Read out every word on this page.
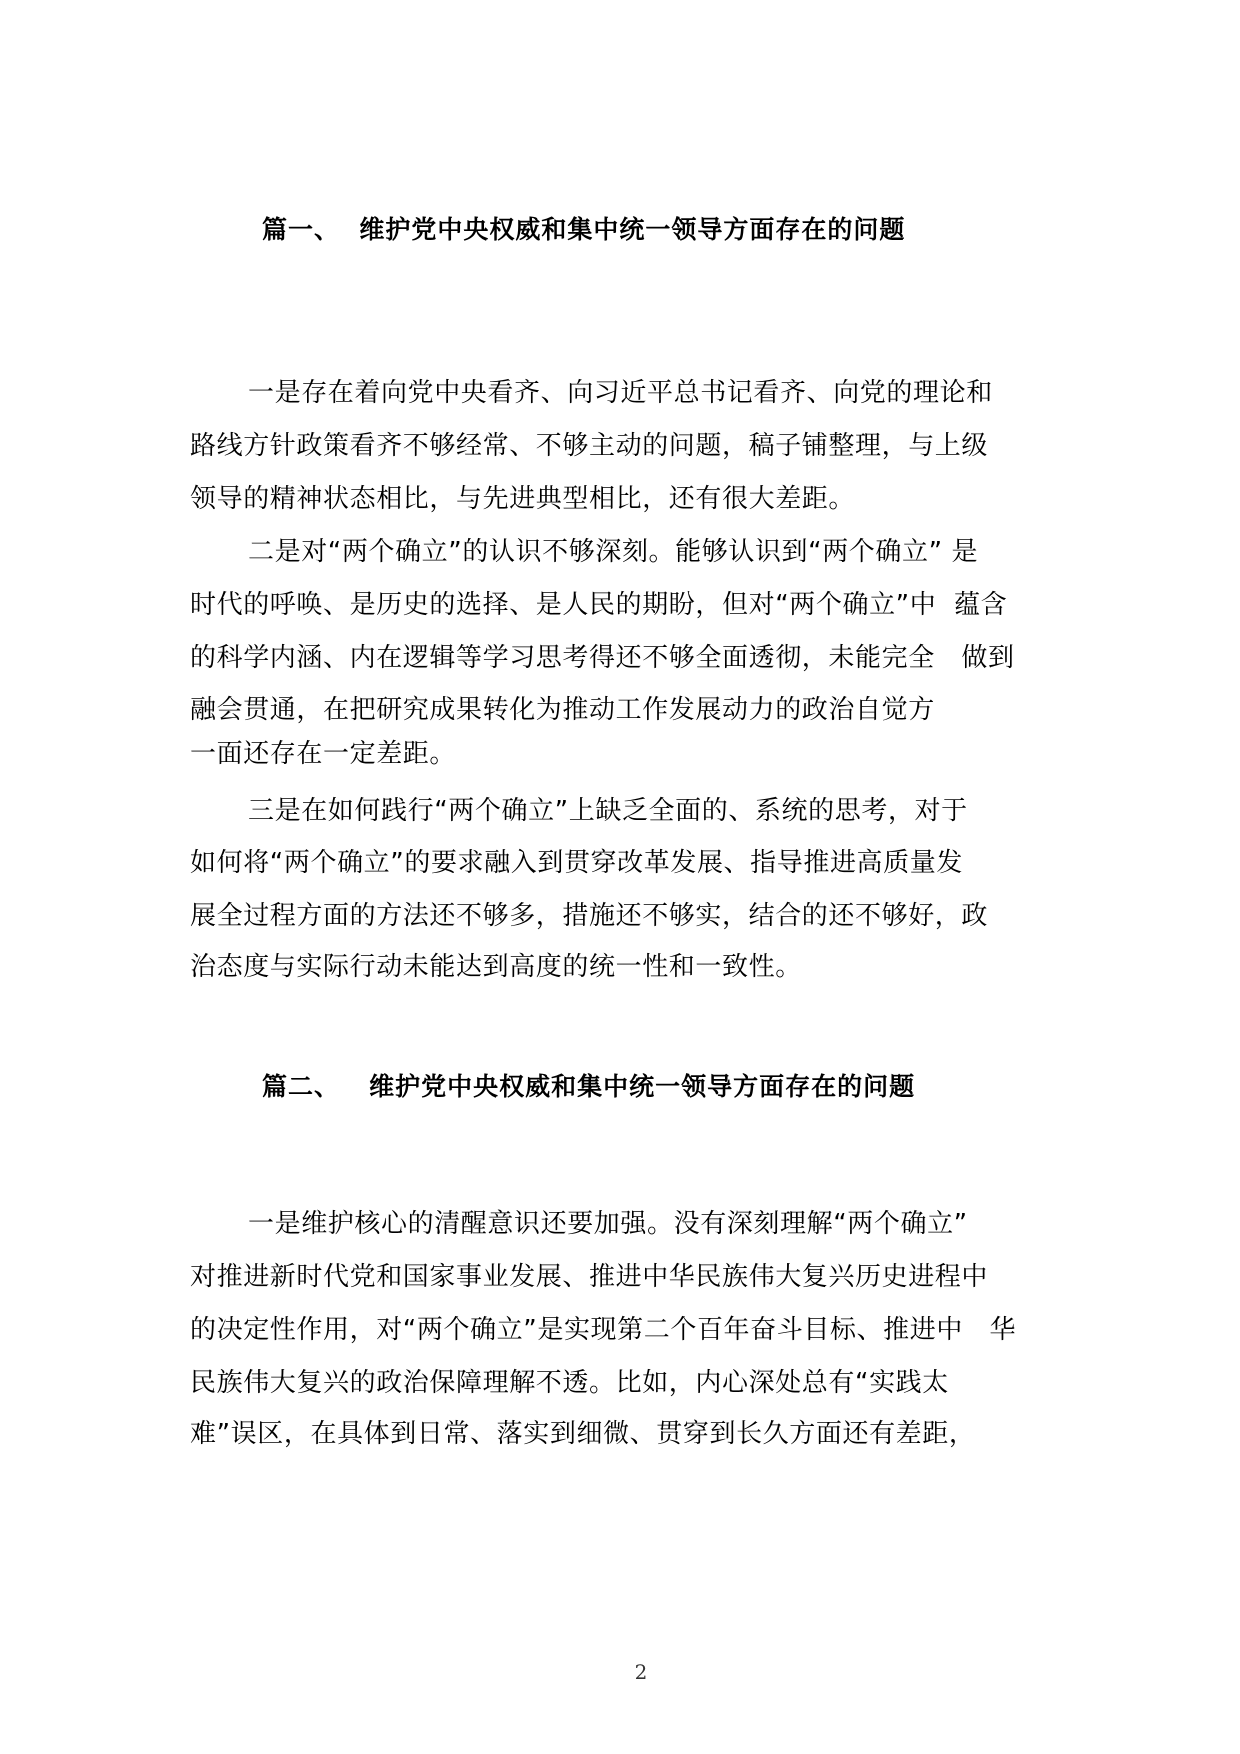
篇一、  维护党中央权威和集中统一领导方面存在的问题
一是存在着向党中央看齐、向习近平总书记看齐、向党的理论和
路线方针政策看齐不够经常、不够主动的问题，稿子铺整理，与上级
领导的精神状态相比，与先进典型相比，还有很大差距。
二是对“两个确立”的认识不够深刻。能够认识到“两个确立” 是
时代的呼唤、是历史的选择、是人民的期盼，但对“两个确立”中  蕴含
的科学内涵、内在逻辑等学习思考得还不够全面透彻，未能完全   做到
融会贯通，在把研究成果转化为推动工作发展动力的政治自觉方
一面还存在一定差距。
三是在如何践行“两个确立”上缺乏全面的、系统的思考，对于
如何将“两个确立”的要求融入到贯穿改革发展、指导推进高质量发
展全过程方面的方法还不够多，措施还不够实，结合的还不够好，政
治态度与实际行动未能达到高度的统一性和一致性。
篇二、   维护党中央权威和集中统一领导方面存在的问题
一是维护核心的清醒意识还要加强。没有深刻理解“两个确立”
对推进新时代党和国家事业发展、推进中华民族伟大复兴历史进程中
的决定性作用，对“两个确立”是实现第二个百年奋斗目标、推进中   华
民族伟大复兴的政治保障理解不透。比如，内心深处总有“实践太
难”误区，在具体到日常、落实到细微、贯穿到长久方面还有差距，
2
